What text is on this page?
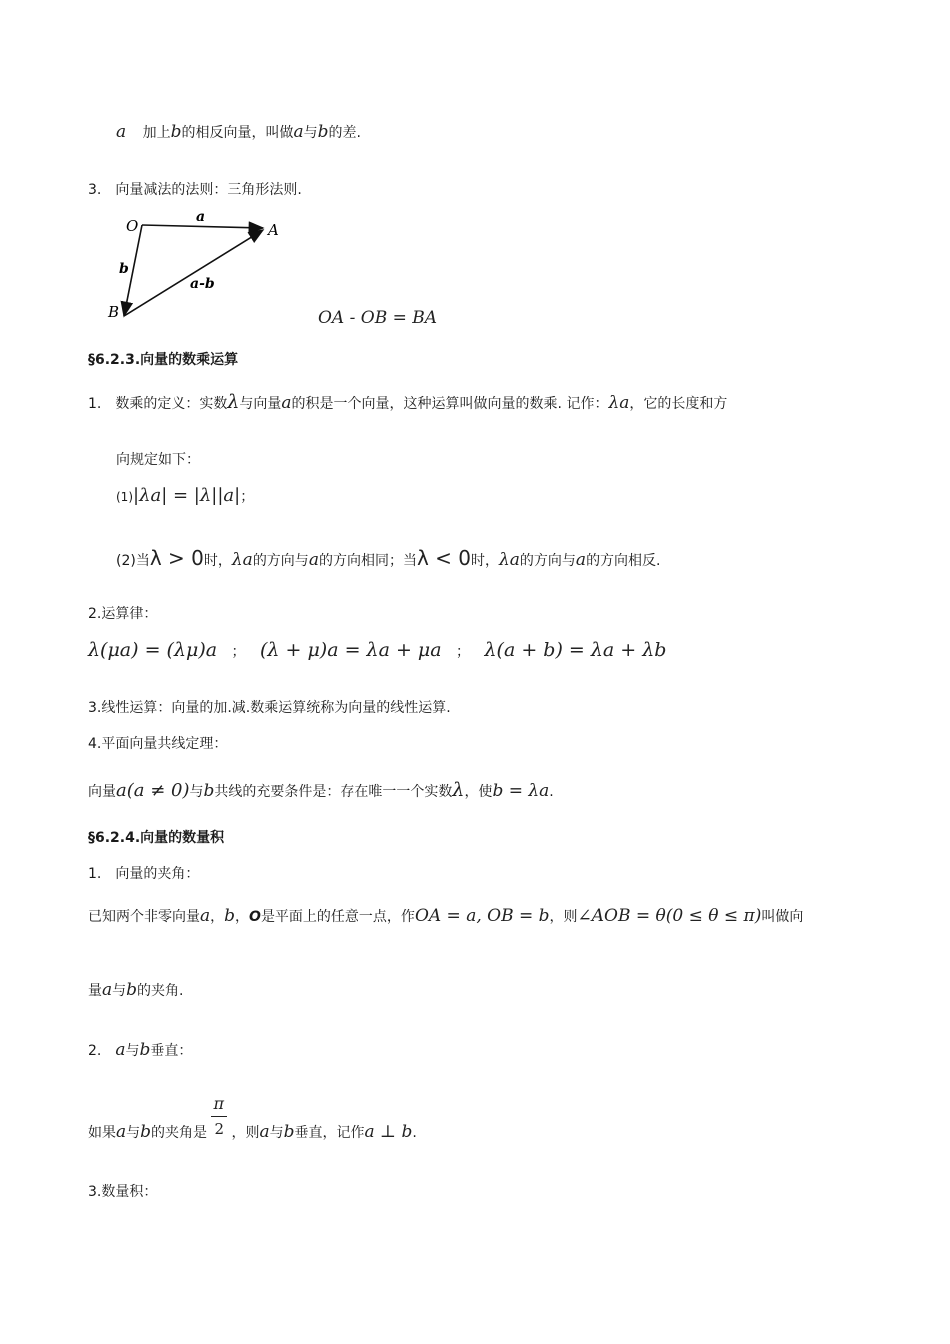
a 加上b的相反向量，叫做a与b的差.
3. 向量减法的法则：三角形法则.
O	A
B
a
b
a-b
OA - OB = BA
§6.2.3.向量的数乘运算
1. 数乘的定义：实数λ与向量a的积是一个向量，这种运算叫做向量的数乘. 记作：λa，它的长度和方
向规定如下：
(1)|λa| = |λ||a|；
(2)当λ > 0时，λa的方向与a的方向相同；当λ < 0时，λa的方向与a的方向相反.
2.运算律：
λ(μa) = (λμ)a ； (λ + μ)a = λa + μa ； λ(a + b) = λa + λb
3.线性运算：向量的加.减.数乘运算统称为向量的线性运算.
4.平面向量共线定理：
向量a(a ≠ 0)与b共线的充要条件是：存在唯一一个实数λ，使b = λa.
§6.2.4.向量的数量积
1. 向量的夹角：
已知两个非零向量a，b，O是平面上的任意一点，作OA = a, OB = b，则∠AOB = θ(0 ≤ θ ≤ π)叫做向
量a与b的夹角.
2. a与b垂直：
如果a与b的夹角是 $\frac{\pi}{2}$ ，则a与b垂直，记作a ⊥ b.
3.数量积：
